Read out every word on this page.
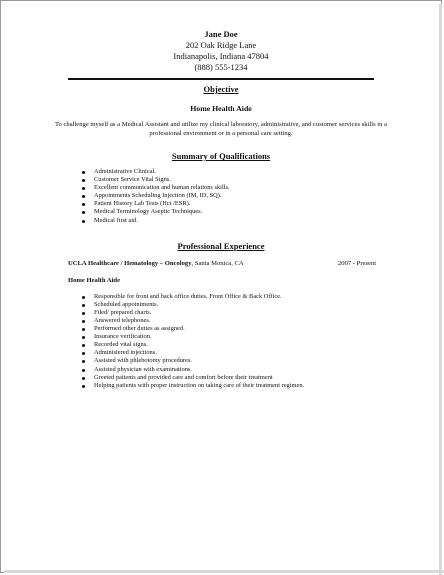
Jane Doe
202 Oak Ridge Lane
Indianapolis, Indiana 47804
(888) 555-1234
Objective
Home Health Aide
To challenge myself as a Medical Assistant and utilize my clinical laboratory, administrative, and customer services skills in a professional environment or in a personal care setting.
Summary of Qualifications
Administrative Clinical.
Customer Service Vital Signs.
Excellent communication and human relations skills.
Appointments Scheduling Injection (IM, ID, SQ).
Patient History Lab Tests (Hct /ESR).
Medical Terminology Aseptic Techniques.
Medical first aid.
Professional Experience
UCLA Healthcare / Hematology – Oncology, Santa Monica, CA	2007 - Present
Home Health Aide
Responsible for front and back office duties. Front Office & Back Office.
Scheduled appointments.
Filed/ prepared charts.
Answered telephones.
Performed other duties as assigned.
Insurance verification.
Recorded vital signs.
Administered injections.
Assisted with phlebotomy procedures.
Assisted physician with examinations.
Greeted patients and provided care and comfort before their treatment
Helping patients with proper instruction on taking care of their treatment regimen.
